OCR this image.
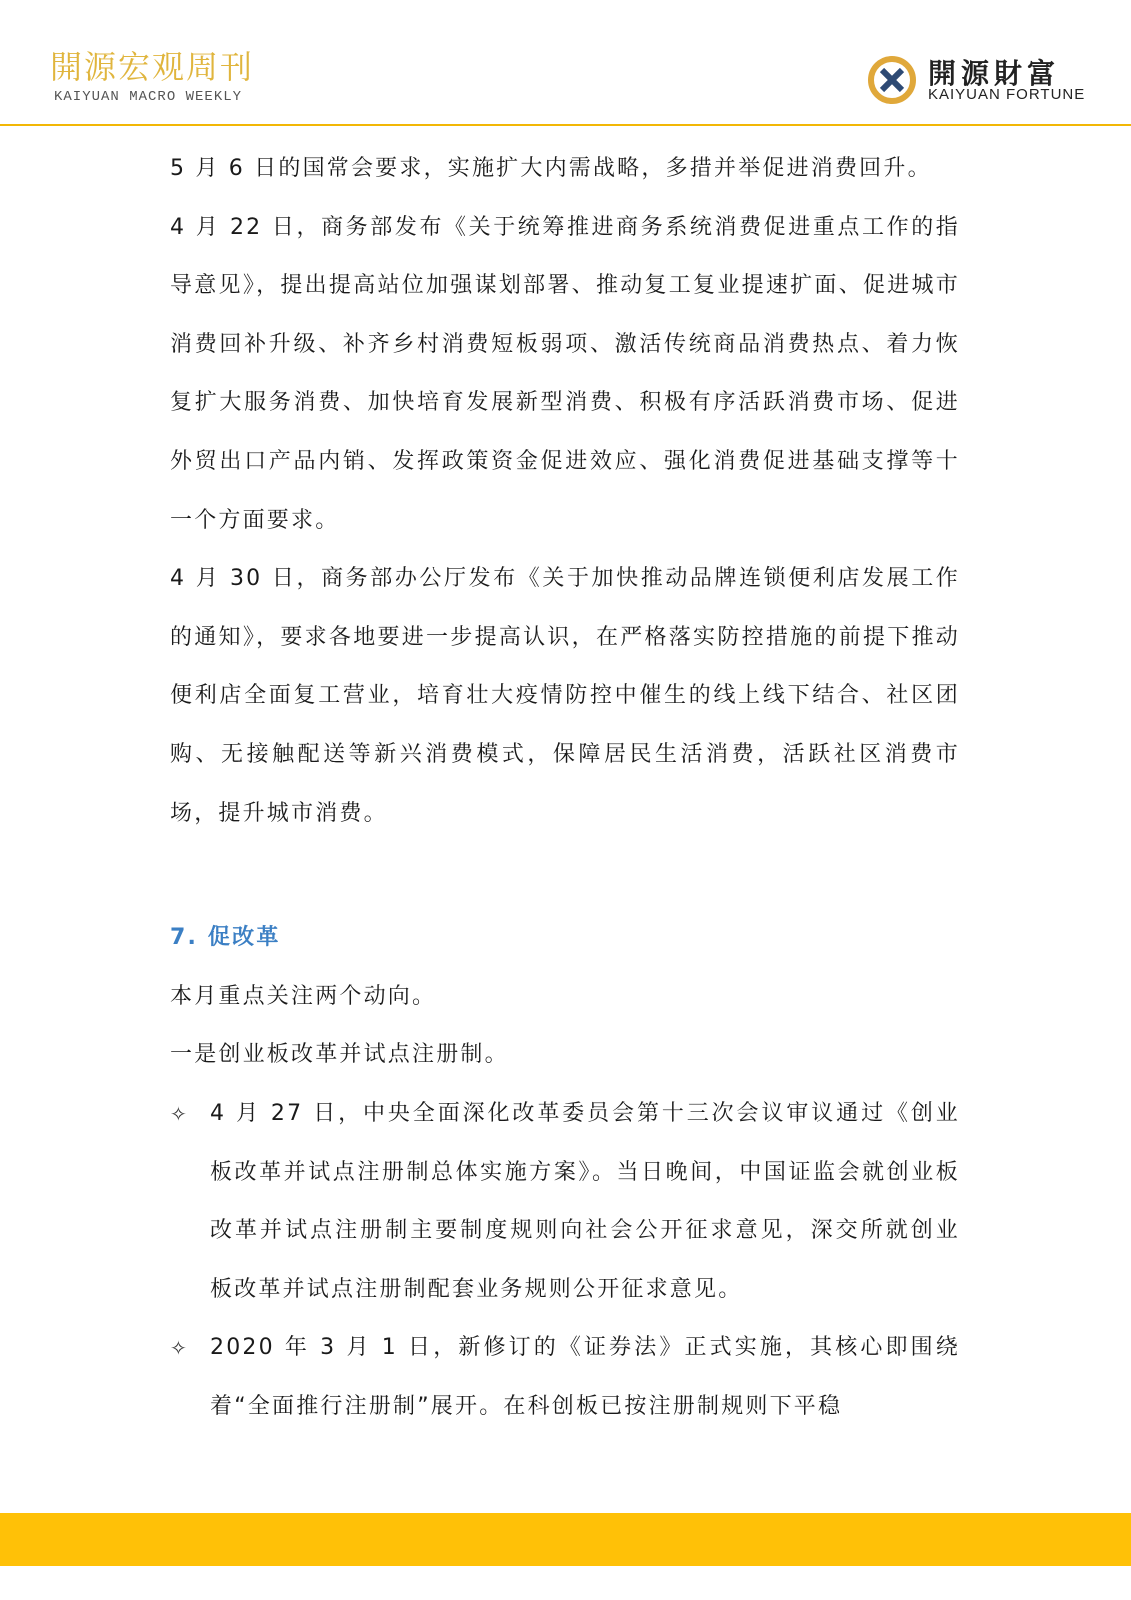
開源宏观周刊
KAIYUAN MACRO WEEKLY
開源財富
KAIYUAN FORTUNE

5 月 6 日的国常会要求，实施扩大内需战略，多措并举促进消费回升。

4 月 22 日，商务部发布《关于统筹推进商务系统消费促进重点工作的指导意见》，提出提高站位加强谋划部署、推动复工复业提速扩面、促进城市消费回补升级、补齐乡村消费短板弱项、激活传统商品消费热点、着力恢复扩大服务消费、加快培育发展新型消费、积极有序活跃消费市场、促进外贸出口产品内销、发挥政策资金促进效应、强化消费促进基础支撑等十一个方面要求。

4 月 30 日，商务部办公厅发布《关于加快推动品牌连锁便利店发展工作的通知》，要求各地要进一步提高认识，在严格落实防控措施的前提下推动便利店全面复工营业，培育壮大疫情防控中催生的线上线下结合、社区团购、无接触配送等新兴消费模式，保障居民生活消费，活跃社区消费市场，提升城市消费。

7. 促改革

本月重点关注两个动向。

一是创业板改革并试点注册制。

✧ 4 月 27 日，中央全面深化改革委员会第十三次会议审议通过《创业板改革并试点注册制总体实施方案》。当日晚间，中国证监会就创业板改革并试点注册制主要制度规则向社会公开征求意见，深交所就创业板改革并试点注册制配套业务规则公开征求意见。
✧ 2020 年 3 月 1 日，新修订的《证券法》正式实施，其核心即围绕着“全面推行注册制”展开。在科创板已按注册制规则下平稳
